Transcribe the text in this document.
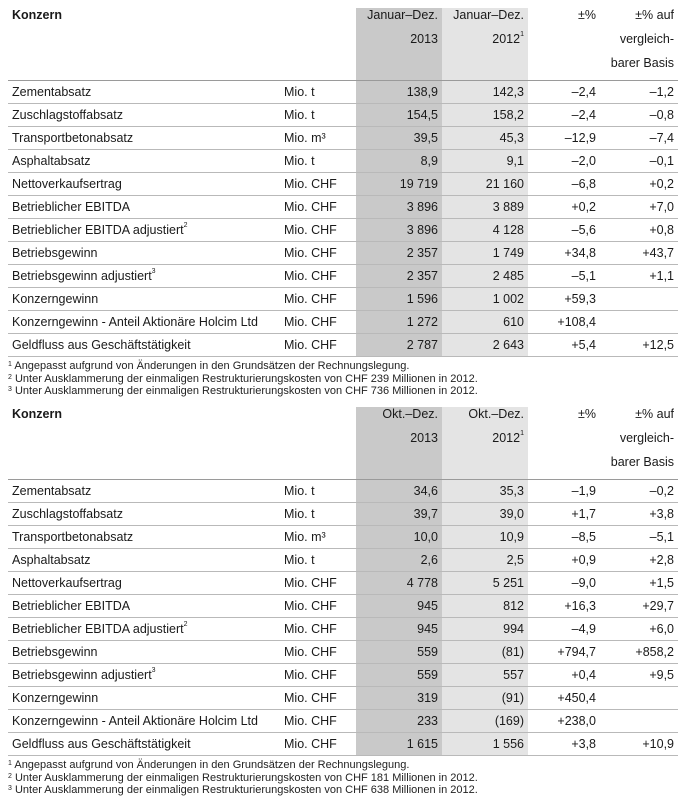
Konzern		Januar–Dez.	Januar–Dez.	±%	±% auf
		2013	2012$^1$		vergleich-
					barer Basis
Zementabsatz	Mio. t	138,9	142,3	–2,4	–1,2
Zuschlagstoffabsatz	Mio. t	154,5	158,2	–2,4	–0,8
Transportbetonabsatz	Mio. m³	39,5	45,3	–12,9	–7,4
Asphaltabsatz	Mio. t	8,9	9,1	–2,0	–0,1
Nettoverkaufsertrag	Mio. CHF	19 719	21 160	–6,8	+0,2
Betrieblicher EBITDA	Mio. CHF	3 896	3 889	+0,2	+7,0
Betrieblicher EBITDA adjustiert$^2$	Mio. CHF	3 896	4 128	–5,6	+0,8
Betriebsgewinn	Mio. CHF	2 357	1 749	+34,8	+43,7
Betriebsgewinn adjustiert$^3$	Mio. CHF	2 357	2 485	–5,1	+1,1
Konzerngewinn	Mio. CHF	1 596	1 002	+59,3	
Konzerngewinn - Anteil Aktionäre Holcim Ltd	Mio. CHF	1 272	610	+108,4	
Geldfluss aus Geschäftstätigkeit	Mio. CHF	2 787	2 643	+5,4	+12,5
$^1$ Angepasst aufgrund von Änderungen in den Grundsätzen der Rechnungslegung.
$^2$ Unter Ausklammerung der einmaligen Restrukturierungskosten von CHF 239 Millionen in 2012.
$^3$ Unter Ausklammerung der einmaligen Restrukturierungskosten von CHF 736 Millionen in 2012.
Konzern		Okt.–Dez.	Okt.–Dez.	±%	±% auf
		2013	2012$^1$		vergleich-
					barer Basis
Zementabsatz	Mio. t	34,6	35,3	–1,9	–0,2
Zuschlagstoffabsatz	Mio. t	39,7	39,0	+1,7	+3,8
Transportbetonabsatz	Mio. m³	10,0	10,9	–8,5	–5,1
Asphaltabsatz	Mio. t	2,6	2,5	+0,9	+2,8
Nettoverkaufsertrag	Mio. CHF	4 778	5 251	–9,0	+1,5
Betrieblicher EBITDA	Mio. CHF	945	812	+16,3	+29,7
Betrieblicher EBITDA adjustiert$^2$	Mio. CHF	945	994	–4,9	+6,0
Betriebsgewinn	Mio. CHF	559	(81)	+794,7	+858,2
Betriebsgewinn adjustiert$^3$	Mio. CHF	559	557	+0,4	+9,5
Konzerngewinn	Mio. CHF	319	(91)	+450,4	
Konzerngewinn - Anteil Aktionäre Holcim Ltd	Mio. CHF	233	(169)	+238,0	
Geldfluss aus Geschäftstätigkeit	Mio. CHF	1 615	1 556	+3,8	+10,9
$^1$ Angepasst aufgrund von Änderungen in den Grundsätzen der Rechnungslegung.
$^2$ Unter Ausklammerung der einmaligen Restrukturierungskosten von CHF 181 Millionen in 2012.
$^3$ Unter Ausklammerung der einmaligen Restrukturierungskosten von CHF 638 Millionen in 2012.
